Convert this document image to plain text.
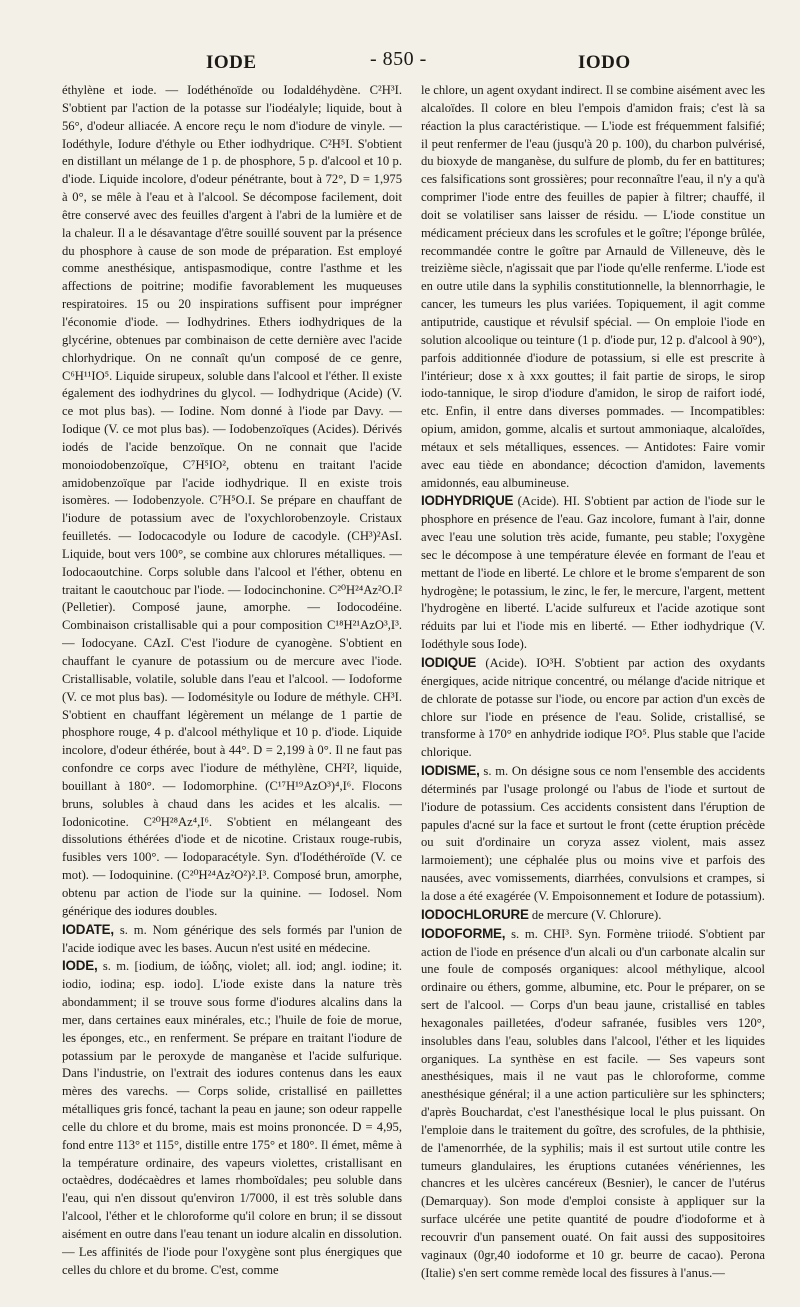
IODE	- 850 -	IODO

éthylène et iode. — Iodéthénoïde ou Iodaldéhydène. C²H³I. S'obtient par l'action de la potasse sur l'iodéalyle; liquide, bout à 56°, d'odeur alliacée. A encore reçu le nom d'iodure de vinyle. — Iodéthyle, Iodure d'éthyle ou Ether iodhydrique. C²H⁵I. S'obtient en distillant un mélange de 1 p. de phosphore, 5 p. d'alcool et 10 p. d'iode. Liquide incolore, d'odeur pénétrante, bout à 72°, D = 1,975 à 0°, se mêle à l'eau et à l'alcool. Se décompose facilement, doit être conservé avec des feuilles d'argent à l'abri de la lumière et de la chaleur. Il a le désavantage d'être souillé souvent par la présence du phosphore à cause de son mode de préparation. Est employé comme anesthésique, antispasmodique, contre l'asthme et les affections de poitrine; modifie favorablement les muqueuses respiratoires. 15 ou 20 inspirations suffisent pour imprégner l'économie d'iode. — Iodhydrines. Ethers iodhydriques de la glycérine, obtenues par combinaison de cette dernière avec l'acide chlorhydrique. On ne connaît qu'un composé de ce genre, C⁶H¹¹IO⁵. Liquide sirupeux, soluble dans l'alcool et l'éther. Il existe également des iodhydrines du glycol. — Iodhydrique (Acide) (V. ce mot plus bas). — Iodine. Nom donné à l'iode par Davy. — Iodique (V. ce mot plus bas). — Iodobenzoïques (Acides). Dérivés iodés de l'acide benzoïque. On ne connait que l'acide monoiodobenzoïque, C⁷H⁵IO², obtenu en traitant l'acide amidobenzoïque par l'acide iodhydrique. Il en existe trois isomères. — Iodobenzyole. C⁷H⁵O.I. Se prépare en chauffant de l'iodure de potassium avec de l'oxychlorobenzoyle. Cristaux feuilletés. — Iodocacodyle ou Iodure de cacodyle. (CH³)²AsI. Liquide, bout vers 100°, se combine aux chlorures métalliques. — Iodocaoutchine. Corps soluble dans l'alcool et l'éther, obtenu en traitant le caoutchouc par l'iode. — Iodocinchonine. C²⁰H²⁴Az²O.I² (Pelletier). Composé jaune, amorphe. — Iodocodéine. Combinaison cristallisable qui a pour composition C¹⁸H²¹AzO³,I³. — Iodocyane. CAzI. C'est l'iodure de cyanogène. S'obtient en chauffant le cyanure de potassium ou de mercure avec l'iode. Cristallisable, volatile, soluble dans l'eau et l'alcool. — Iodoforme (V. ce mot plus bas). — Iodomésityle ou Iodure de méthyle. CH³I. S'obtient en chauffant légèrement un mélange de 1 partie de phosphore rouge, 4 p. d'alcool méthylique et 10 p. d'iode. Liquide incolore, d'odeur éthérée, bout à 44°. D = 2,199 à 0°. Il ne faut pas confondre ce corps avec l'iodure de méthylène, CH²I², liquide, bouillant à 180°. — Iodomorphine. (C¹⁷H¹⁹AzO³)⁴,I⁶. Flocons bruns, solubles à chaud dans les acides et les alcalis. — Iodonicotine. C²⁰H²⁸Az⁴,I⁶. S'obtient en mélangeant des dissolutions éthérées d'iode et de nicotine. Cristaux rouge-rubis, fusibles vers 100°. — Iodoparacétyle. Syn. d'Iodéthéroïde (V. ce mot). — Iodoquinine. (C²⁰H²⁴Az²O²)².I³. Composé brun, amorphe, obtenu par action de l'iode sur la quinine. — Iodosel. Nom générique des iodures doubles.

IODATE, s. m. Nom générique des sels formés par l'union de l'acide iodique avec les bases. Aucun n'est usité en médecine.

IODE, s. m. [iodium, de ἰώδης, violet; all. iod; angl. iodine; it. iodio, iodina; esp. iodo]. L'iode existe dans la nature très abondamment; il se trouve sous forme d'iodures alcalins dans la mer, dans certaines eaux minérales, etc.; l'huile de foie de morue, les éponges, etc., en renferment. Se prépare en traitant l'iodure de potassium par le peroxyde de manganèse et l'acide sulfurique. Dans l'industrie, on l'extrait des iodures contenus dans les eaux mères des varechs. — Corps solide, cristallisé en paillettes métalliques gris foncé, tachant la peau en jaune; son odeur rappelle celle du chlore et du brome, mais est moins prononcée. D = 4,95, fond entre 113° et 115°, distille entre 175° et 180°. Il émet, même à la température ordinaire, des vapeurs violettes, cristallisant en octaèdres, dodécaèdres et lames rhomboïdales; peu soluble dans l'eau, qui n'en dissout qu'environ 1/7000, il est très soluble dans l'alcool, l'éther et le chloroforme qu'il colore en brun; il se dissout aisément en outre dans l'eau tenant un iodure alcalin en dissolution. — Les affinités de l'iode pour l'oxygène sont plus énergiques que celles du chlore et du brome. C'est, comme

le chlore, un agent oxydant indirect. Il se combine aisément avec les alcaloïdes. Il colore en bleu l'empois d'amidon frais; c'est là sa réaction la plus caractéristique. — L'iode est fréquemment falsifié; il peut renfermer de l'eau (jusqu'à 20 p. 100), du charbon pulvérisé, du bioxyde de manganèse, du sulfure de plomb, du fer en battitures; ces falsifications sont grossières; pour reconnaître l'eau, il n'y a qu'à comprimer l'iode entre des feuilles de papier à filtrer; chauffé, il doit se volatiliser sans laisser de résidu. — L'iode constitue un médicament précieux dans les scrofules et le goître; l'éponge brûlée, recommandée contre le goître par Arnauld de Villeneuve, dès le treizième siècle, n'agissait que par l'iode qu'elle renferme. L'iode est en outre utile dans la syphilis constitutionnelle, la blennorrhagie, le cancer, les tumeurs les plus variées. Topiquement, il agit comme antiputride, caustique et révulsif spécial. — On emploie l'iode en solution alcoolique ou teinture (1 p. d'iode pur, 12 p. d'alcool à 90°), parfois additionnée d'iodure de potassium, si elle est prescrite à l'intérieur; dose x à xxx gouttes; il fait partie de sirops, le sirop iodo-tannique, le sirop d'iodure d'amidon, le sirop de raifort iodé, etc. Enfin, il entre dans diverses pommades. — Incompatibles: opium, amidon, gomme, alcalis et surtout ammoniaque, alcaloïdes, métaux et sels métalliques, essences. — Antidotes: Faire vomir avec eau tiède en abondance; décoction d'amidon, lavements amidonnés, eau albumineuse.

IODHYDRIQUE (Acide). HI. S'obtient par action de l'iode sur le phosphore en présence de l'eau. Gaz incolore, fumant à l'air, donne avec l'eau une solution très acide, fumante, peu stable; l'oxygène sec le décompose à une température élevée en formant de l'eau et mettant de l'iode en liberté. Le chlore et le brome s'emparent de son hydrogène; le potassium, le zinc, le fer, le mercure, l'argent, mettent l'hydrogène en liberté. L'acide sulfureux et l'acide azotique sont réduits par lui et l'iode mis en liberté. — Ether iodhydrique (V. Iodéthyle sous Iode).

IODIQUE (Acide). IO³H. S'obtient par action des oxydants énergiques, acide nitrique concentré, ou mélange d'acide nitrique et de chlorate de potasse sur l'iode, ou encore par action d'un excès de chlore sur l'iode en présence de l'eau. Solide, cristallisé, se transforme à 170° en anhydride iodique I²O⁵. Plus stable que l'acide chlorique.

IODISME, s. m. On désigne sous ce nom l'ensemble des accidents déterminés par l'usage prolongé ou l'abus de l'iode et surtout de l'iodure de potassium. Ces accidents consistent dans l'éruption de papules d'acné sur la face et surtout le front (cette éruption précède ou suit d'ordinaire un coryza assez violent, mais assez larmoiement); une céphalée plus ou moins vive et parfois des nausées, avec vomissements, diarrhées, convulsions et crampes, si la dose a été exagérée (V. Empoisonnement et Iodure de potassium).

IODOCHLORURE de mercure (V. Chlorure).

IODOFORME, s. m. CHI³. Syn. Formène triiodé. S'obtient par action de l'iode en présence d'un alcali ou d'un carbonate alcalin sur une foule de composés organiques: alcool méthylique, alcool ordinaire ou éthers, gomme, albumine, etc. Pour le préparer, on se sert de l'alcool. — Corps d'un beau jaune, cristallisé en tables hexagonales pailletées, d'odeur safranée, fusibles vers 120°, insolubles dans l'eau, solubles dans l'alcool, l'éther et les liquides organiques. La synthèse en est facile. — Ses vapeurs sont anesthésiques, mais il ne vaut pas le chloroforme, comme anesthésique général; il a une action particulière sur les sphincters; d'après Bouchardat, c'est l'anesthésique local le plus puissant. On l'emploie dans le traitement du goître, des scrofules, de la phthisie, de l'amenorrhée, de la syphilis; mais il est surtout utile contre les tumeurs glandulaires, les éruptions cutanées vénériennes, les chancres et les ulcères cancéreux (Besnier), le cancer de l'utérus (Demarquay). Son mode d'emploi consiste à appliquer sur la surface ulcérée une petite quantité de poudre d'iodoforme et à recouvrir d'un pansement ouaté. On fait aussi des suppositoires vaginaux (0gr,40 iodoforme et 10 gr. beurre de cacao). Perona (Italie) s'en sert comme remède local des fissures à l'anus.—
